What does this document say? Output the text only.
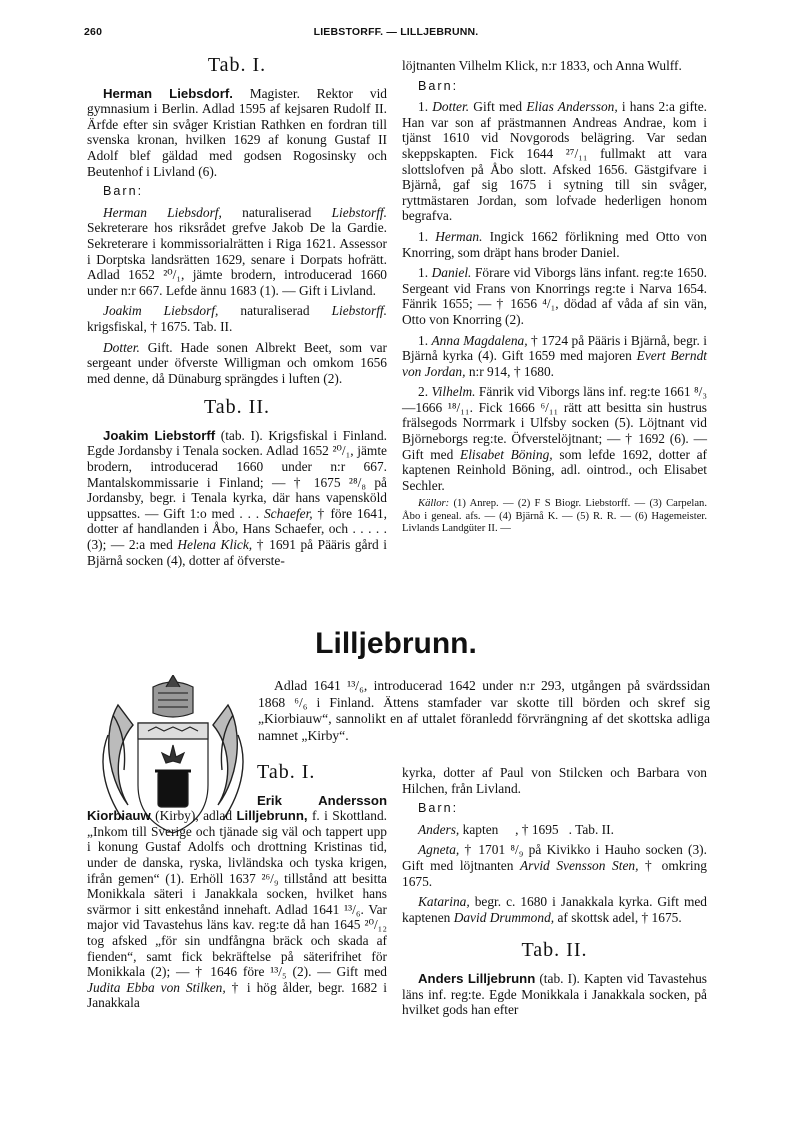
260	LIEBSTORFF. — LILLJEBRUNN.
Tab. I.

Herman Liebsdorf. Magister. Rektor vid gymnasium i Berlin. Adlad 1595 af kejsaren Rudolf II. Ärfde efter sin svåger Kristian Rathken en fordran till svenska kronan, hvilken 1629 af konung Gustaf II Adolf blef gäldad med godsen Rogosinsky och Beutenhof i Livland (6).

Barn:

Herman Liebsdorf, naturaliserad Liebstorff. Sekreterare hos riksrådet grefve Jakob De la Gardie. Sekreterare i kommissorialrätten i Riga 1621. Assessor i Dorptska landsrätten 1629, senare i Dorpats hofrätt. Adlad 1652 ²⁰/₁, jämte brodern, introducerad 1660 under n:r 667. Lefde ännu 1683 (1). — Gift i Livland.

Joakim Liebsdorf, naturaliserad Liebstorff. krigsfiskal, † 1675. Tab. II.

Dotter. Gift. Hade sonen Albrekt Beet, som var sergeant under öfverste Willigman och omkom 1656 med denne, då Dünaburg sprängdes i luften (2).

Tab. II.

Joakim Liebstorff (tab. I). Krigsfiskal i Finland. Egde Jordansby i Tenala socken. Adlad 1652 ²⁰/₁, jämte brodern, introducerad 1660 under n:r 667. Mantalskommissarie i Finland; — † 1675 ²⁸/₈ på Jordansby, begr. i Tenala kyrka, där hans vapensköld uppsattes. — Gift 1:o med . . . Schaefer, † före 1641, dotter af handlanden i Åbo, Hans Schaefer, och . . . . . (3); — 2:a med Helena Klick, † 1691 på Pääris gård i Bjärnå socken (4), dotter af öfverste-

löjtnanten Vilhelm Klick, n:r 1833, och Anna Wulff.

Barn:

1. Dotter. Gift med Elias Andersson, i hans 2:a gifte. Han var son af prästmannen Andreas Andrae, kom i tjänst 1610 vid Novgorods belägring. Var sedan skeppskapten. Fick 1644 ²⁷/₁₁ fullmakt att vara slottslofven på Åbo slott. Afsked 1656. Gästgifvare i Bjärnå, gaf sig 1675 i sytning till sin svåger, ryttmästaren Jordan, som lofvade hederligen honom begrafva.

1. Herman. Ingick 1662 förlikning med Otto von Knorring, som dräpt hans broder Daniel.

1. Daniel. Förare vid Viborgs läns infant. reg:te 1650. Sergeant vid Frans von Knorrings reg:te i Narva 1654. Fänrik 1655; — † 1656 ⁴/₁, dödad af våda af sin vän, Otto von Knorring (2).

1. Anna Magdalena, † 1724 på Pääris i Bjärnå, begr. i Bjärnå kyrka (4). Gift 1659 med majoren Evert Berndt von Jordan, n:r 914, † 1680.

2. Vilhelm. Fänrik vid Viborgs läns inf. reg:te 1661 ⁸/₃—1666 ¹⁸/₁₁. Fick 1666 ⁶/₁₁ rätt att besitta sin hustrus frälsegods Norrmark i Ulfsby socken (5). Löjtnant vid Björneborgs reg:te. Öfverstelöjtnant; — † 1692 (6). — Gift med Elisabet Böning, som lefde 1692, dotter af kaptenen Reinhold Böning, adl. ointrod., och Elisabet Sechler.

Källor: (1) Anrep. — (2) F S Biogr. Liebstorff. — (3) Carpelan. Åbo i geneal. afs. — (4) Bjärnå K. — (5) R. R. — (6) Hagemeister. Livlands Landgüter II. —

Lilljebrunn.
Adlad 1641 ¹³/₆, introducerad 1642 under n:r 293, utgången på svärdssidan 1868 ⁶/₆ i Finland. Ättens stamfader var skotte till börden och skref sig „Kiorbiauw“, sannolikt en af uttalet föranledd förvrängning af det skottska adliga namnet „Kirby“.
Tab. I.

Erik Andersson Kiorbiauw (Kirby), adlad Lilljebrunn, f. i Skottland. „Inkom till Sverige och tjänade sig väl och tappert upp i konung Gustaf Adolfs och drottning Kristinas tid, under de danska, ryska, livländska och tyska krigen, ifrån gemen“ (1). Erhöll 1637 ²⁶/₉ tillstånd att besitta Monikkala säteri i Janakkala socken, hvilket hans svärmor i sitt enkestånd innehaft. Adlad 1641 ¹³/₆. Var major vid Tavastehus läns kav. reg:te då han 1645 ²⁰/₁₂ tog afsked „för sin undfångna bräck och skada af fienden“, samt fick bekräftelse på säterifrihet för Monikkala (2); — † 1646 före ¹³/₅ (2). — Gift med Judita Ebba von Stilken, † i hög ålder, begr. 1682 i Janakkala

kyrka, dotter af Paul von Stilcken och Barbara von Hilchen, från Livland.

Barn:

Anders, kapten     , † 1695   . Tab. II.

Agneta, † 1701 ⁸/₉ på Kivikko i Hauho socken (3). Gift med löjtnanten Arvid Svensson Sten, † omkring 1675.

Katarina, begr. c. 1680 i Janakkala kyrka. Gift med kaptenen David Drummond, af skottsk adel, † 1675.

Tab. II.

Anders Lilljebrunn (tab. I). Kapten vid Tavastehus läns inf. reg:te. Egde Monikkala i Janakkala socken, på hvilket gods han efter
